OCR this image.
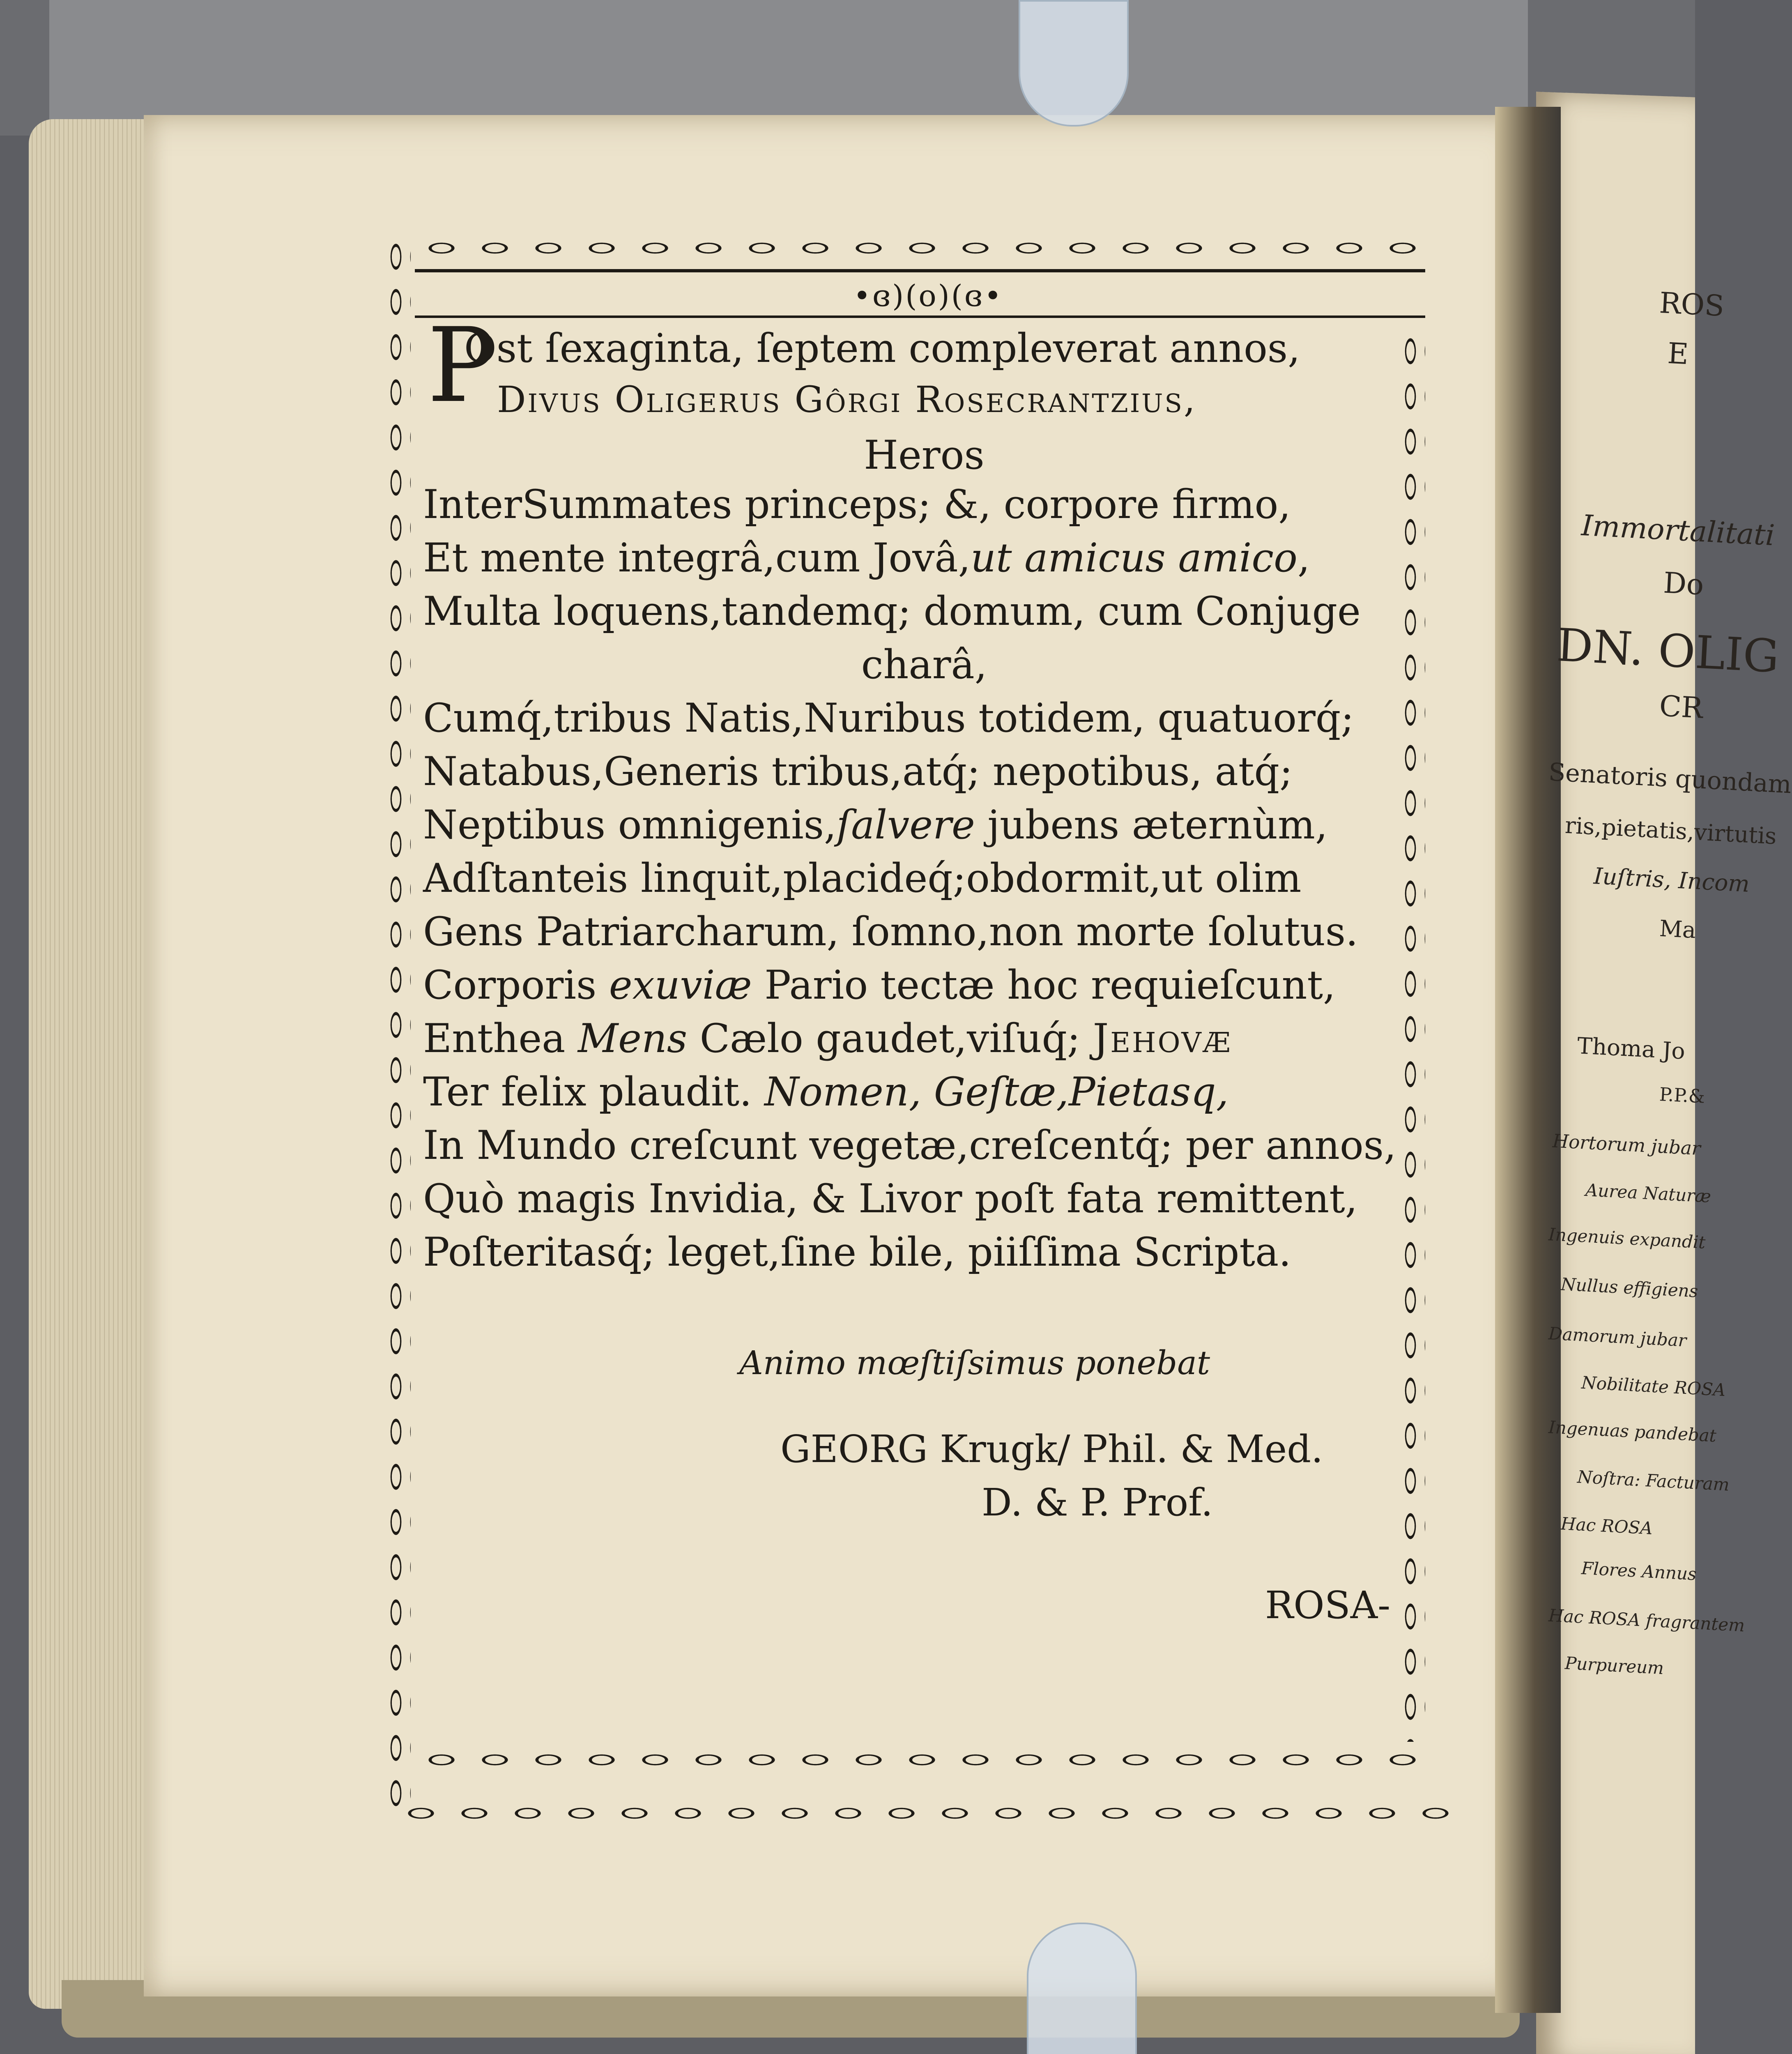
•ɞ)(o)(ɞ•
P
Ost ſexaginta, ſeptem compleverat annos,
Divus Oligerus Gôrgi Rosecrantzius,
Heros
InterSummates princeps; &, corpore firmo,
Et mente integrâ,cum Jovâ,ut amicus amico,
Multa loquens,tandemq; domum, cum Conjuge
charâ,
Cumq́,tribus Natis,Nuribus totidem, quatuorq́;
Natabus,Generis tribus,atq́; nepotibus, atq́;
Neptibus omnigenis,ſalvere jubens æternùm,
Adſtanteis linquit,placideq́;obdormit,ut olim
Gens Patriarcharum, ſomno,non morte ſolutus.
Corporis exuviæ Pario tectæ hoc requieſcunt,
Enthea Mens Cælo gaudet,viſuq́; Jehovæ
Ter felix plaudit. Nomen, Geſtæ,Pietasq,
In Mundo creſcunt vegetæ,creſcentq́; per annos,
Quò magis Invidia, & Livor poſt fata remittent,
Poſteritasq́; leget,ſine bile, piiſſima Scripta.
Animo mœſtiſsimus ponebat
GEORG Krugk/ Phil. & Med.
D. & P. Prof.
ROSA-
ROS
E
Immortalitati
Do
DN. OLIG
CR
Senatoris quondam
ris,pietatis,virtutis
Iuſtris, Incom
Ma
Thoma Jo
P.P.&
Hortorum jubar
Aurea Naturæ
Ingenuis expandit
Nullus effigiens
Damorum jubar
Nobilitate ROSA
Ingenuas pandebat
Noſtra: Facturam
Hac ROSA
Flores Annus
Hac ROSA fragrantem
Purpureum
